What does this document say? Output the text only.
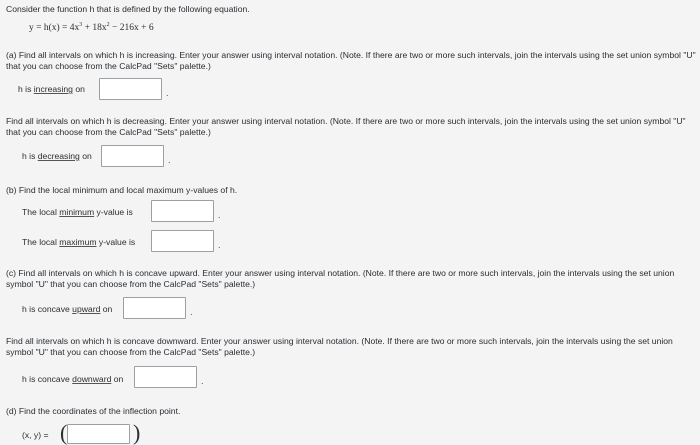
Consider the function h that is defined by the following equation.
$y = h(x) = 4x^3 + 18x^2 - 216x + 6$
(a) Find all intervals on which h is increasing. Enter your answer using interval notation. (Note. If there are two or more such intervals, join the intervals using the set union symbol "U" that you can choose from the CalcPad "Sets" palette.)
h is increasing on	.
Find all intervals on which h is decreasing. Enter your answer using interval notation. (Note. If there are two or more such intervals, join the intervals using the set union symbol "U" that you can choose from the CalcPad "Sets" palette.)
h is decreasing on	.
(b) Find the local minimum and local maximum y-values of h.
The local minimum y-value is	.
The local maximum y-value is	.
(c) Find all intervals on which h is concave upward. Enter your answer using interval notation. (Note. If there are two or more such intervals, join the intervals using the set union symbol "U" that you can choose from the CalcPad "Sets" palette.)
h is concave upward on	.
Find all intervals on which h is concave downward. Enter your answer using interval notation. (Note. If there are two or more such intervals, join the intervals using the set union symbol "U" that you can choose from the CalcPad "Sets" palette.)
h is concave downward on	.
(d) Find the coordinates of the inflection point.
(x, y) = (	)
